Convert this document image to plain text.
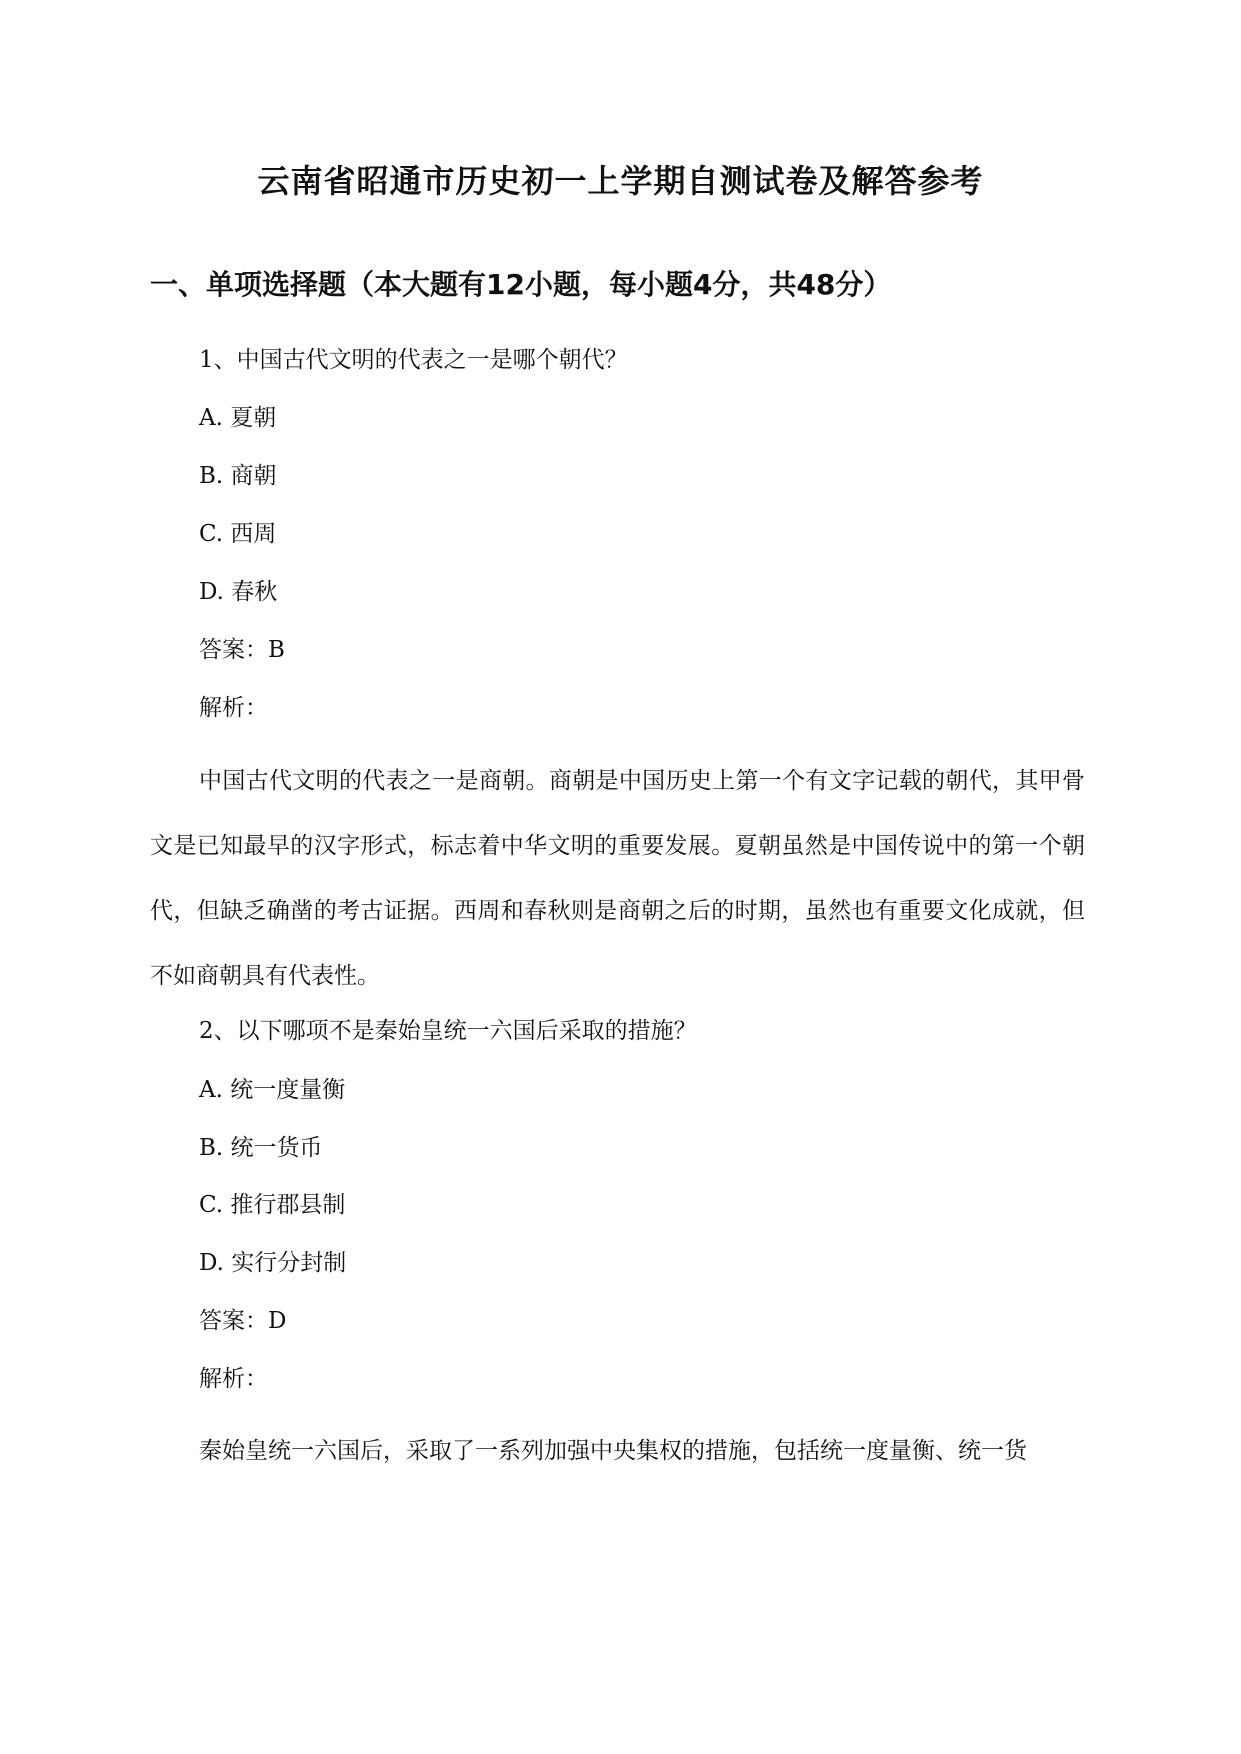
云南省昭通市历史初一上学期自测试卷及解答参考
一、单项选择题（本大题有12小题，每小题4分，共48分）
1、中国古代文明的代表之一是哪个朝代？
A. 夏朝
B. 商朝
C. 西周
D. 春秋
答案：B
解析：
中国古代文明的代表之一是商朝。商朝是中国历史上第一个有文字记载的朝代，其甲骨文是已知最早的汉字形式，标志着中华文明的重要发展。夏朝虽然是中国传说中的第一个朝代，但缺乏确凿的考古证据。西周和春秋则是商朝之后的时期，虽然也有重要文化成就，但不如商朝具有代表性。
2、以下哪项不是秦始皇统一六国后采取的措施？
A. 统一度量衡
B. 统一货币
C. 推行郡县制
D. 实行分封制
答案：D
解析：
秦始皇统一六国后，采取了一系列加强中央集权的措施，包括统一度量衡、统一货
